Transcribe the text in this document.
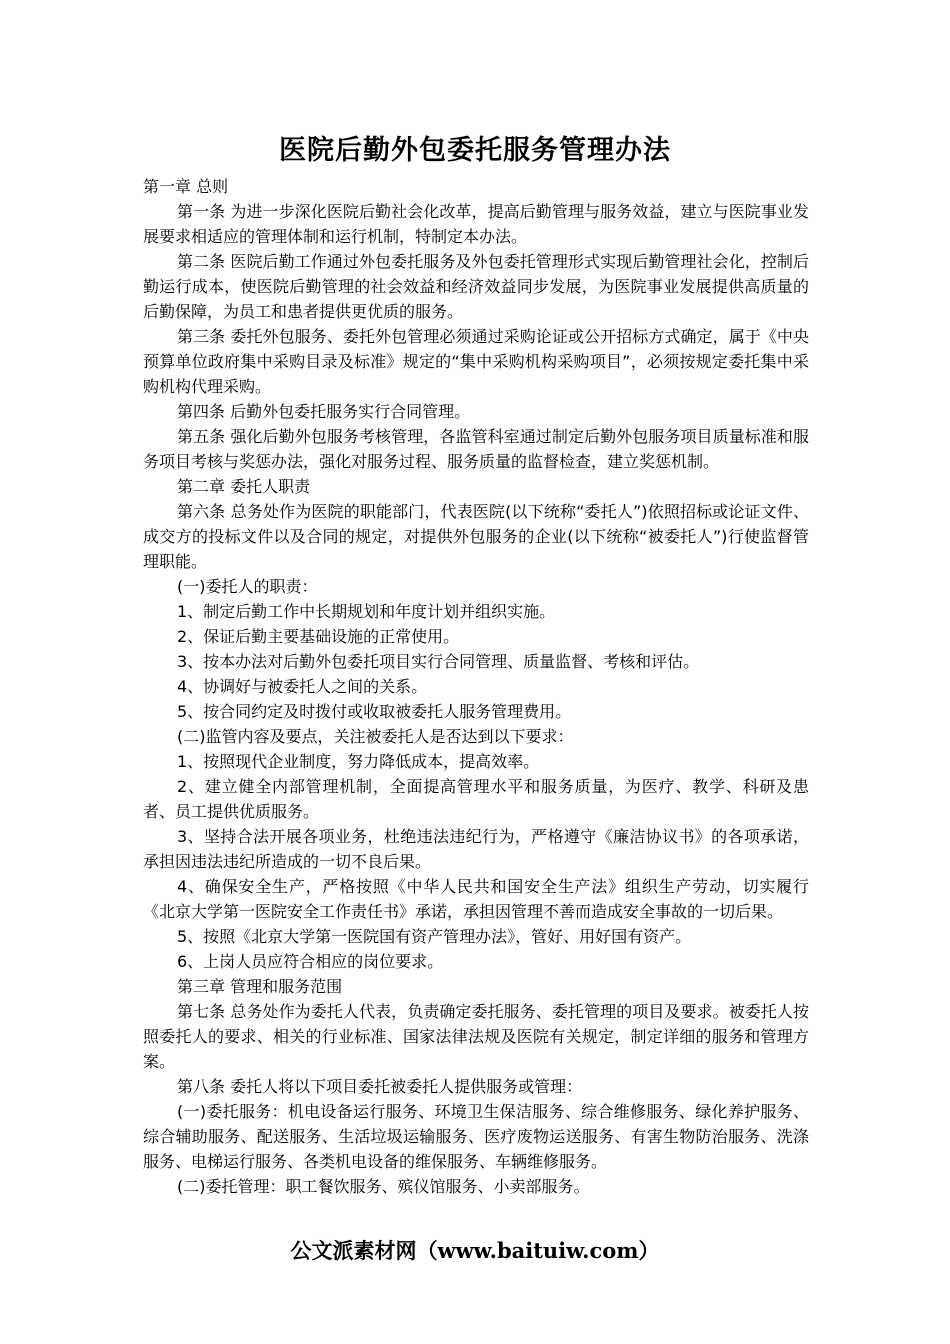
医院后勤外包委托服务管理办法

第一章 总则

第一条 为进一步深化医院后勤社会化改革，提高后勤管理与服务效益，建立与医院事业发展要求相适应的管理体制和运行机制，特制定本办法。

第二条 医院后勤工作通过外包委托服务及外包委托管理形式实现后勤管理社会化，控制后勤运行成本，使医院后勤管理的社会效益和经济效益同步发展，为医院事业发展提供高质量的后勤保障，为员工和患者提供更优质的服务。

第三条 委托外包服务、委托外包管理必须通过采购论证或公开招标方式确定，属于《中央预算单位政府集中采购目录及标准》规定的“集中采购机构采购项目”，必须按规定委托集中采购机构代理采购。

第四条 后勤外包委托服务实行合同管理。

第五条 强化后勤外包服务考核管理，各监管科室通过制定后勤外包服务项目质量标准和服务项目考核与奖惩办法，强化对服务过程、服务质量的监督检查，建立奖惩机制。

第二章 委托人职责

第六条 总务处作为医院的职能部门，代表医院(以下统称“委托人”)依照招标或论证文件、成交方的投标文件以及合同的规定，对提供外包服务的企业(以下统称“被委托人”)行使监督管理职能。

(一)委托人的职责：

1、制定后勤工作中长期规划和年度计划并组织实施。

2、保证后勤主要基础设施的正常使用。

3、按本办法对后勤外包委托项目实行合同管理、质量监督、考核和评估。

4、协调好与被委托人之间的关系。

5、按合同约定及时拨付或收取被委托人服务管理费用。

(二)监管内容及要点，关注被委托人是否达到以下要求：

1、按照现代企业制度，努力降低成本，提高效率。

2、建立健全内部管理机制，全面提高管理水平和服务质量，为医疗、教学、科研及患者、员工提供优质服务。

3、坚持合法开展各项业务，杜绝违法违纪行为，严格遵守《廉洁协议书》的各项承诺，承担因违法违纪所造成的一切不良后果。

4、确保安全生产，严格按照《中华人民共和国安全生产法》组织生产劳动，切实履行《北京大学第一医院安全工作责任书》承诺，承担因管理不善而造成安全事故的一切后果。

5、按照《北京大学第一医院国有资产管理办法》，管好、用好国有资产。

6、上岗人员应符合相应的岗位要求。

第三章 管理和服务范围

第七条 总务处作为委托人代表，负责确定委托服务、委托管理的项目及要求。被委托人按照委托人的要求、相关的行业标准、国家法律法规及医院有关规定，制定详细的服务和管理方案。

第八条 委托人将以下项目委托被委托人提供服务或管理：

(一)委托服务：机电设备运行服务、环境卫生保洁服务、综合维修服务、绿化养护服务、综合辅助服务、配送服务、生活垃圾运输服务、医疗废物运送服务、有害生物防治服务、洗涤服务、电梯运行服务、各类机电设备的维保服务、车辆维修服务。

(二)委托管理：职工餐饮服务、殡仪馆服务、小卖部服务。

公文派素材网（www.baituiw.com）
